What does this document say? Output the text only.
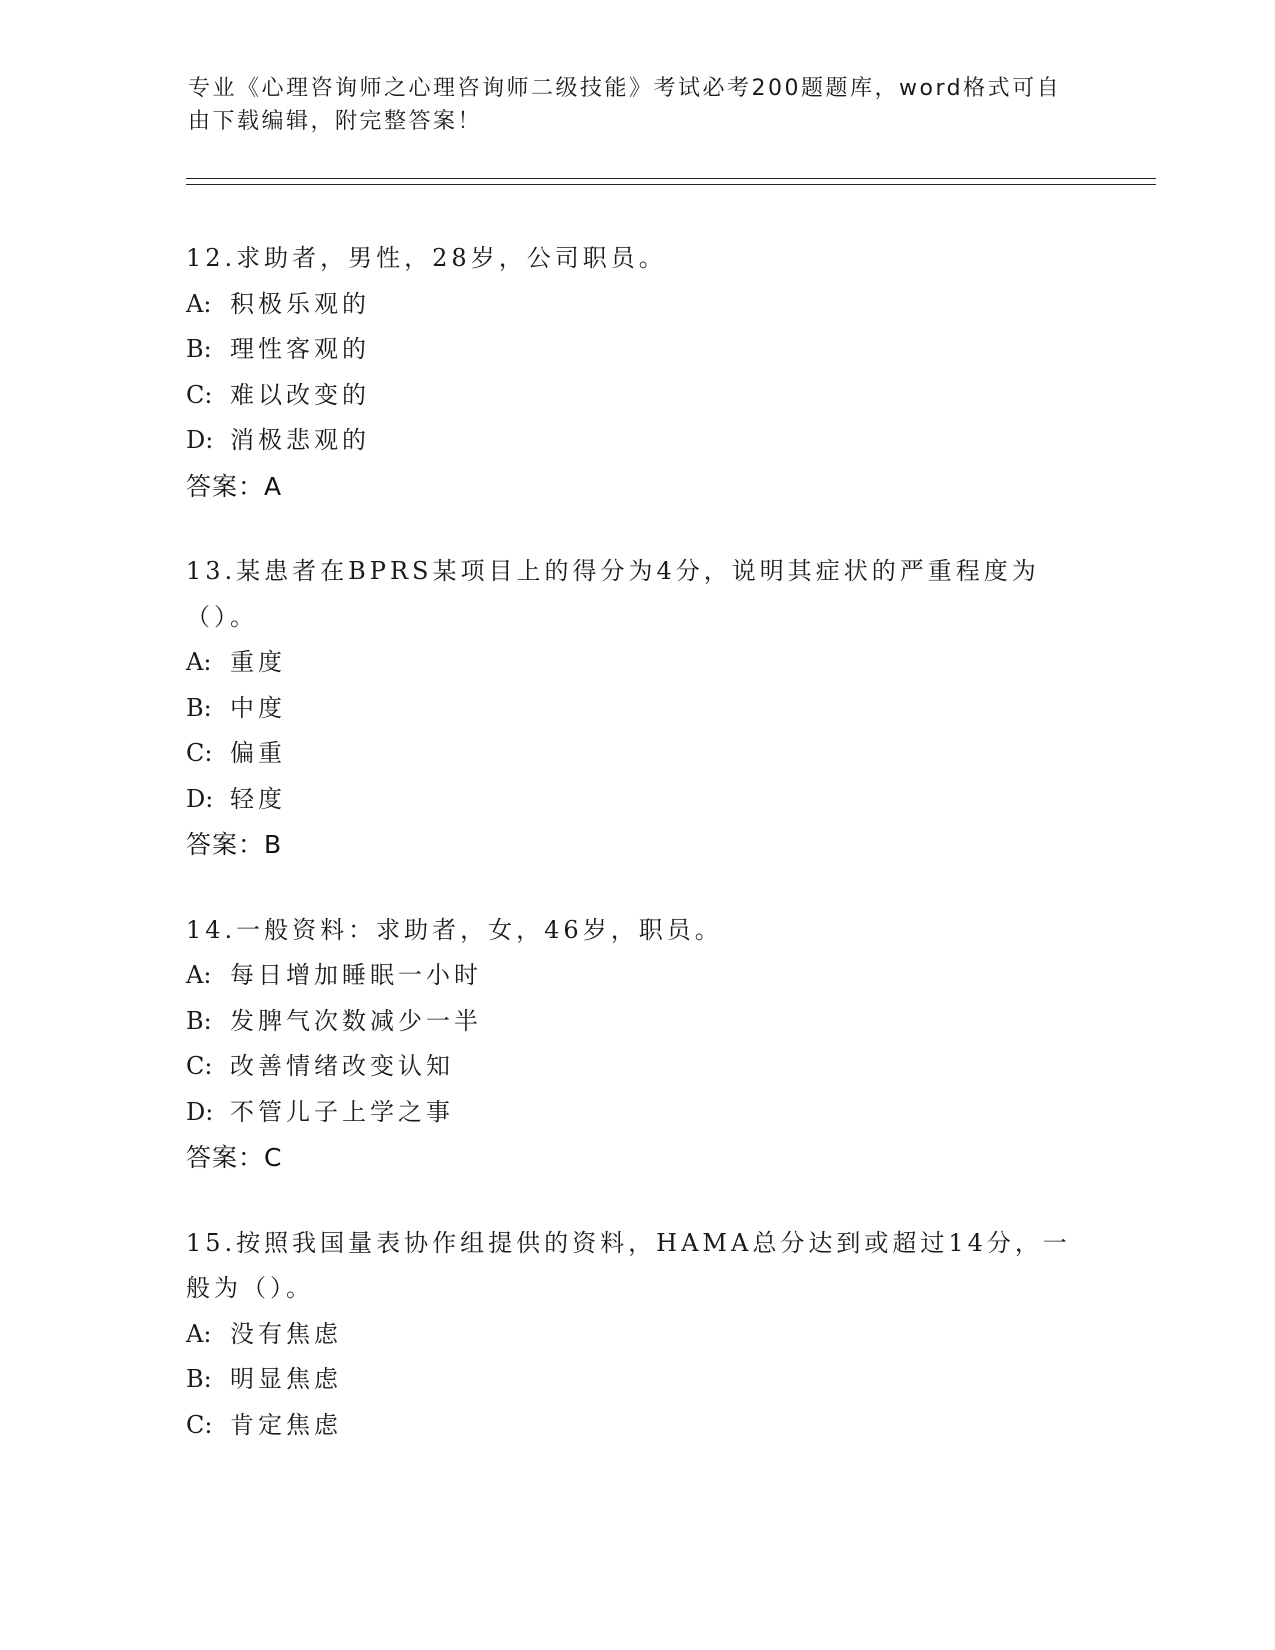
专业《心理咨询师之心理咨询师二级技能》考试必考200题题库，word格式可自由下载编辑，附完整答案！
12.求助者，男性，28岁，公司职员。
A: 积极乐观的
B: 理性客观的
C: 难以改变的
D: 消极悲观的
答案：A
13.某患者在BPRS某项目上的得分为4分，说明其症状的严重程度为（）。
A: 重度
B: 中度
C: 偏重
D: 轻度
答案：B
14.一般资料：求助者，女，46岁，职员。
A: 每日增加睡眠一小时
B: 发脾气次数减少一半
C: 改善情绪改变认知
D: 不管儿子上学之事
答案：C
15.按照我国量表协作组提供的资料，HAMA总分达到或超过14分，一般为（）。
A: 没有焦虑
B: 明显焦虑
C: 肯定焦虑
